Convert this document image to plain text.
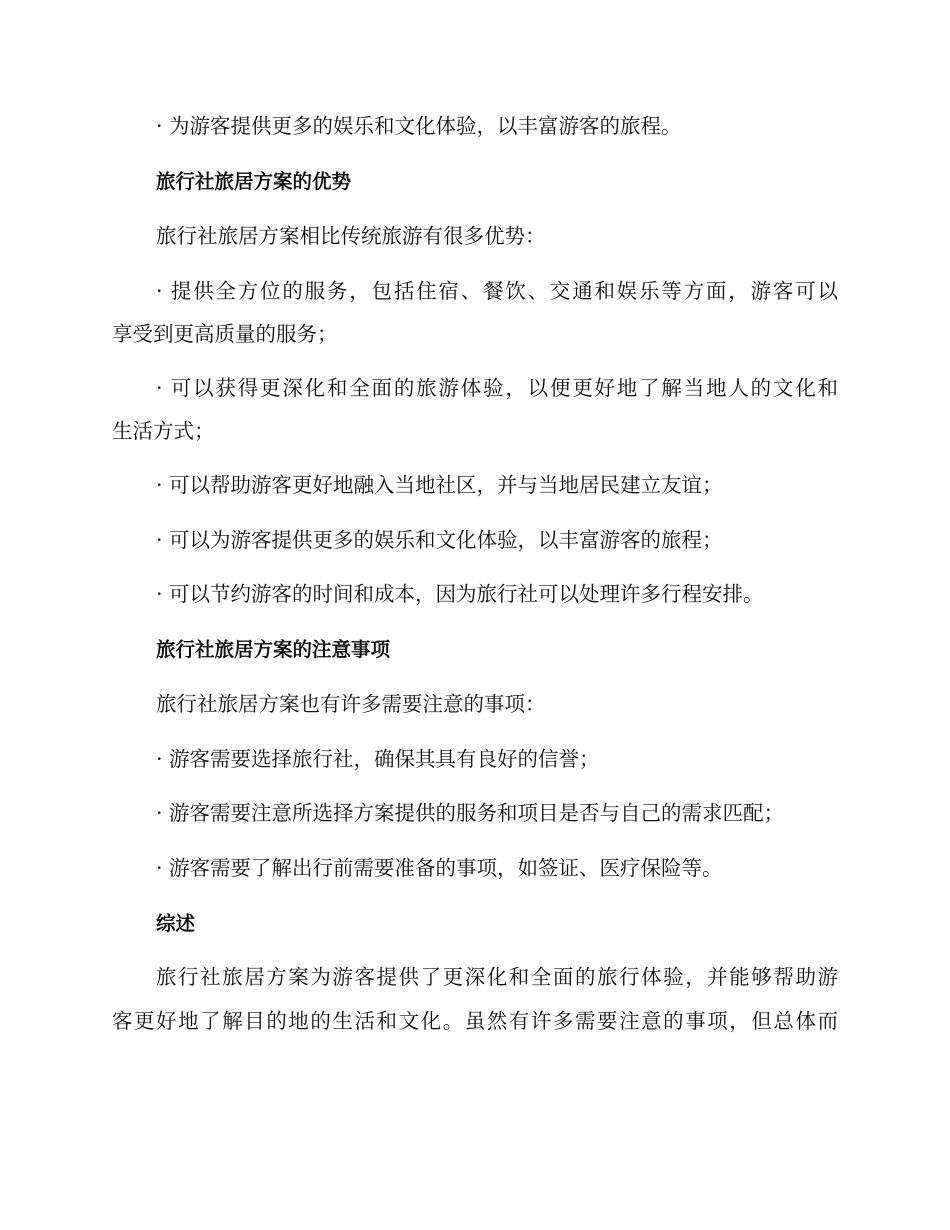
· 为游客提供更多的娱乐和文化体验，以丰富游客的旅程。
旅行社旅居方案的优势
旅行社旅居方案相比传统旅游有很多优势：
· 提供全方位的服务，包括住宿、餐饮、交通和娱乐等方面，游客可以
享受到更高质量的服务；
· 可以获得更深化和全面的旅游体验，以便更好地了解当地人的文化和
生活方式；
· 可以帮助游客更好地融入当地社区，并与当地居民建立友谊；
· 可以为游客提供更多的娱乐和文化体验，以丰富游客的旅程；
· 可以节约游客的时间和成本，因为旅行社可以处理许多行程安排。
旅行社旅居方案的注意事项
旅行社旅居方案也有许多需要注意的事项：
· 游客需要选择旅行社，确保其具有良好的信誉；
· 游客需要注意所选择方案提供的服务和项目是否与自己的需求匹配；
· 游客需要了解出行前需要准备的事项，如签证、医疗保险等。
综述
旅行社旅居方案为游客提供了更深化和全面的旅行体验，并能够帮助游
客更好地了解目的地的生活和文化。虽然有许多需要注意的事项，但总体而
